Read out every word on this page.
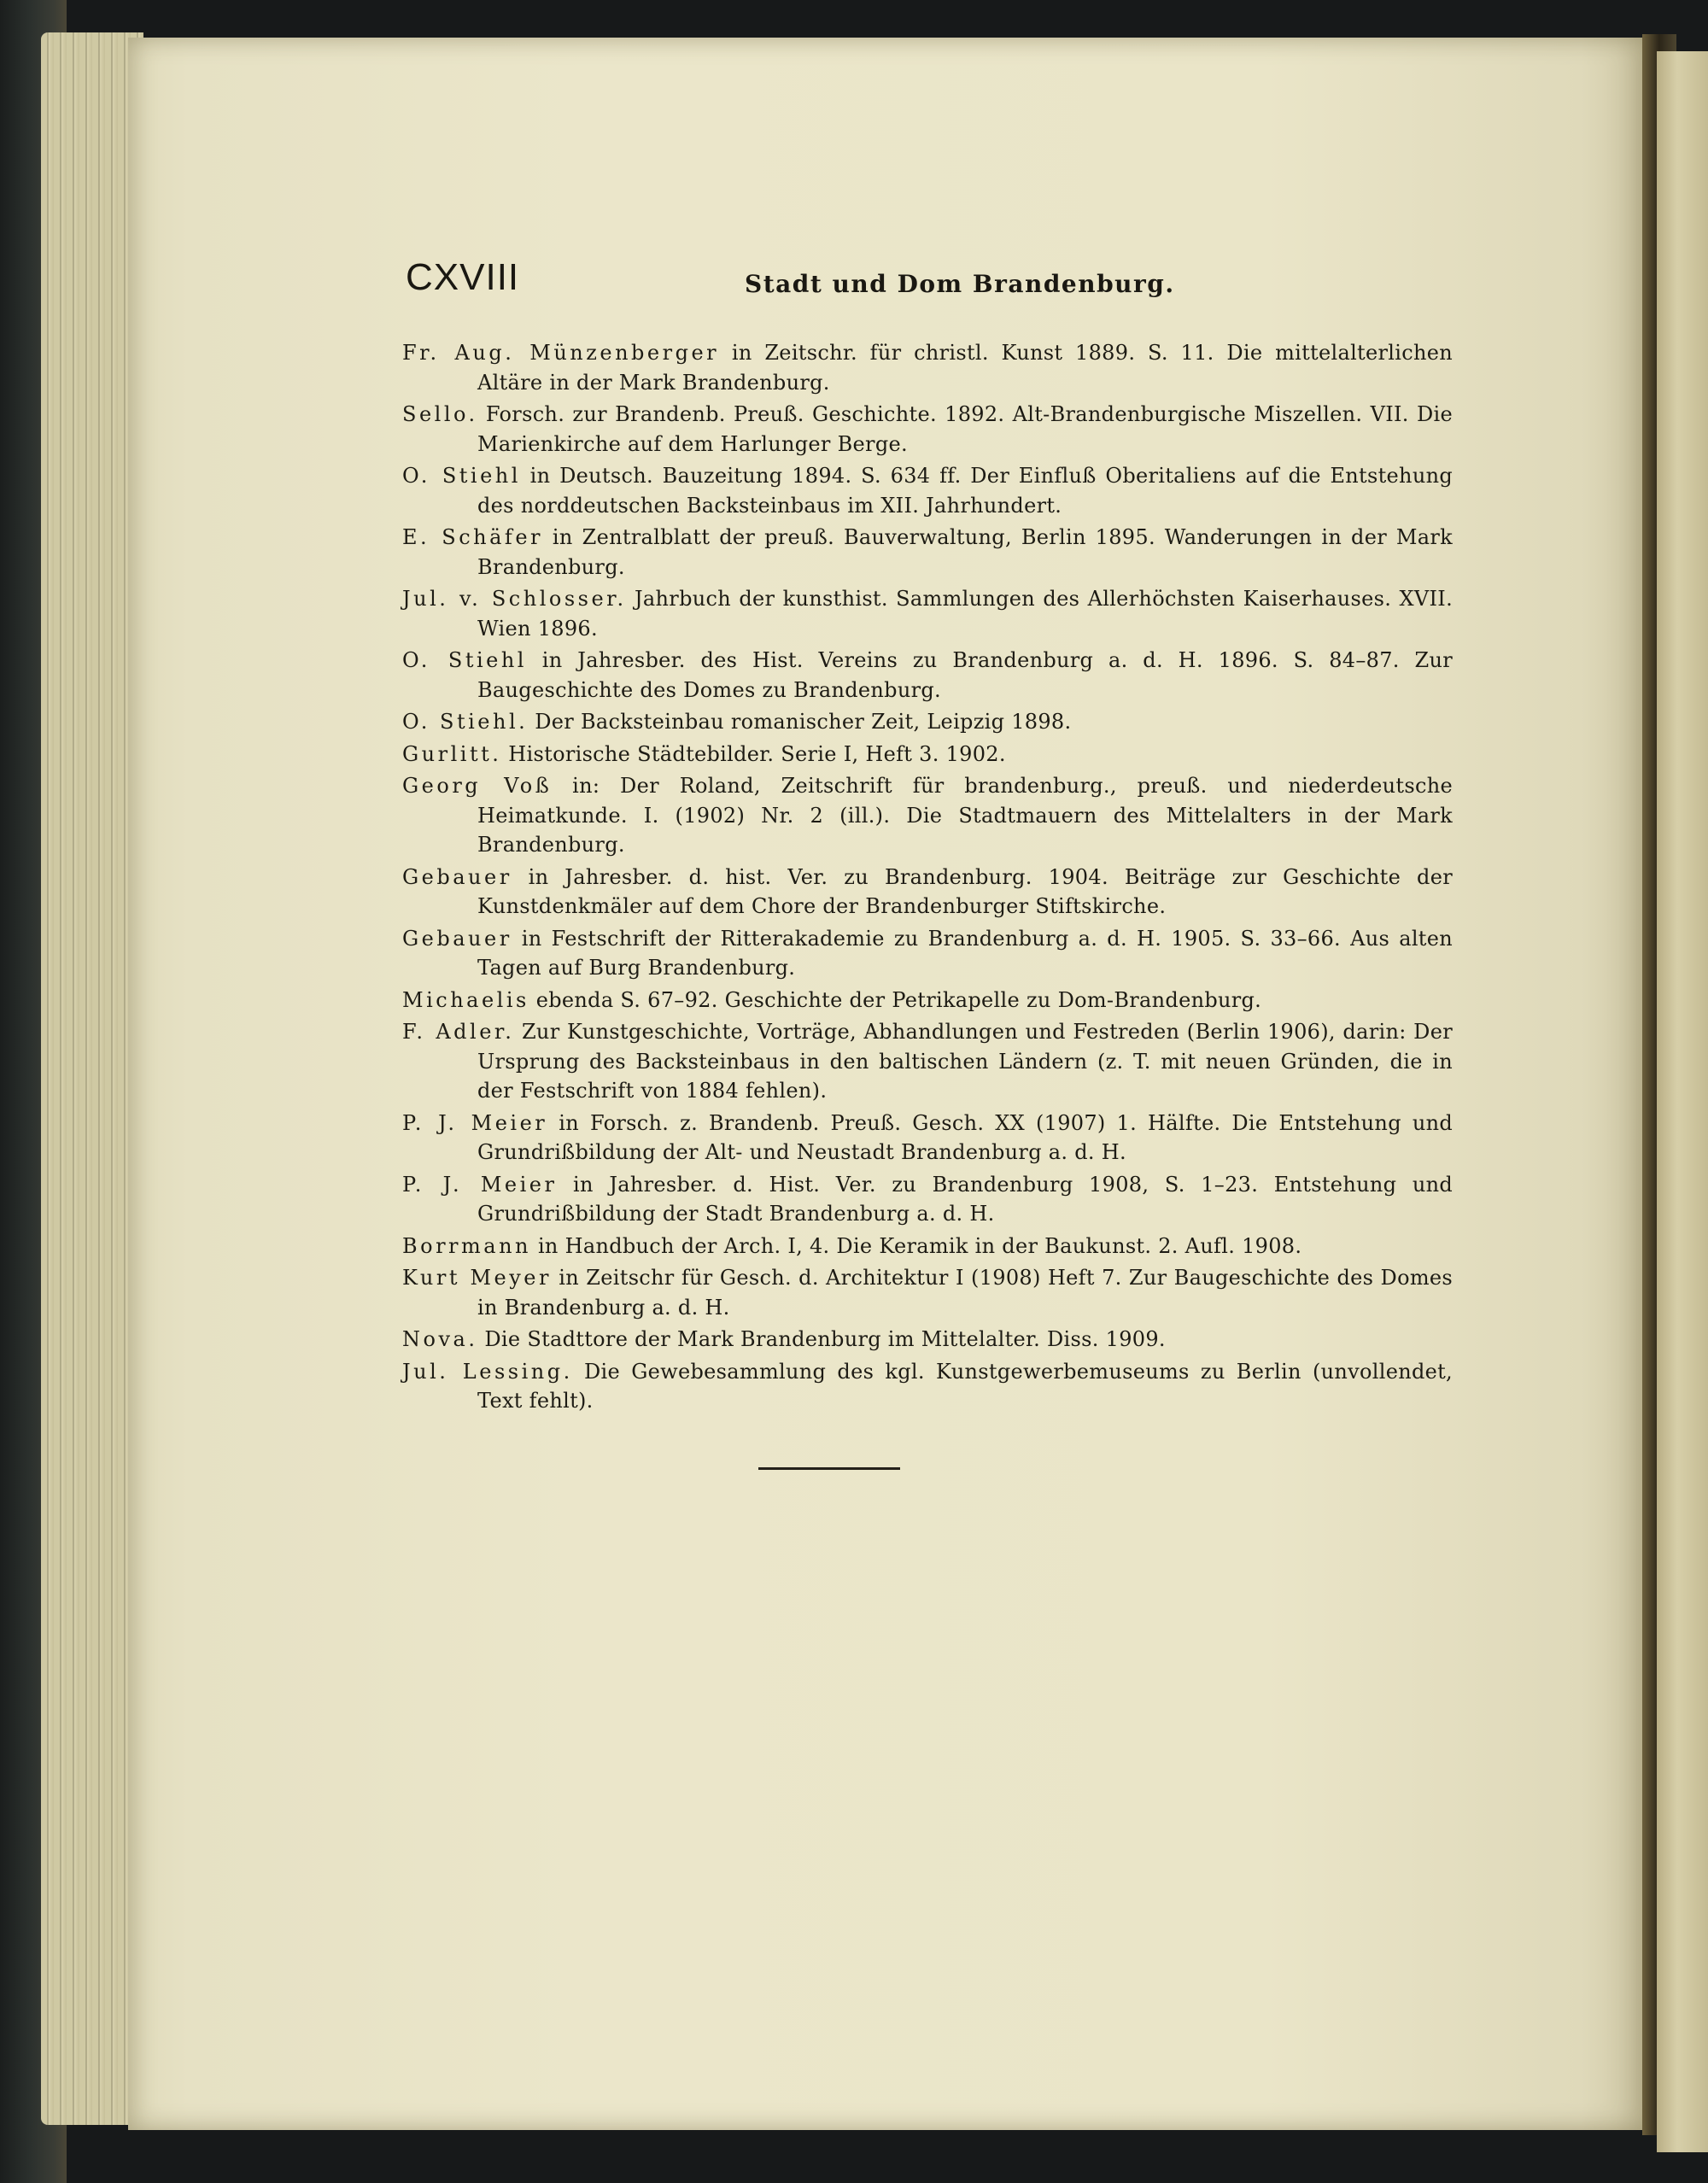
CXVIII	Stadt und Dom Brandenburg.

Fr. Aug. Münzenberger in Zeitschr. für christl. Kunst 1889. S. 11. Die mittelalterlichen Altäre in der Mark Brandenburg.

Sello. Forsch. zur Brandenb. Preuß. Geschichte. 1892. Alt-Brandenburgische Miszellen. VII. Die Marienkirche auf dem Harlunger Berge.

O. Stiehl in Deutsch. Bauzeitung 1894. S. 634 ff. Der Einfluß Oberitaliens auf die Entstehung des norddeutschen Backsteinbaus im XII. Jahrhundert.

E. Schäfer in Zentralblatt der preuß. Bauverwaltung, Berlin 1895. Wanderungen in der Mark Brandenburg.

Jul. v. Schlosser. Jahrbuch der kunsthist. Sammlungen des Allerhöchsten Kaiserhauses. XVII. Wien 1896.

O. Stiehl in Jahresber. des Hist. Vereins zu Brandenburg a. d. H. 1896. S. 84–87. Zur Baugeschichte des Domes zu Brandenburg.

O. Stiehl. Der Backsteinbau romanischer Zeit, Leipzig 1898.

Gurlitt. Historische Städtebilder. Serie I, Heft 3. 1902.

Georg Voß in: Der Roland, Zeitschrift für brandenburg., preuß. und niederdeutsche Heimatkunde. I. (1902) Nr. 2 (ill.). Die Stadtmauern des Mittelalters in der Mark Brandenburg.

Gebauer in Jahresber. d. hist. Ver. zu Brandenburg. 1904. Beiträge zur Geschichte der Kunstdenkmäler auf dem Chore der Brandenburger Stiftskirche.

Gebauer in Festschrift der Ritterakademie zu Brandenburg a. d. H. 1905. S. 33–66. Aus alten Tagen auf Burg Brandenburg.

Michaelis ebenda S. 67–92. Geschichte der Petrikapelle zu Dom-Brandenburg.

F. Adler. Zur Kunstgeschichte, Vorträge, Abhandlungen und Festreden (Berlin 1906), darin: Der Ursprung des Backsteinbaus in den baltischen Ländern (z. T. mit neuen Gründen, die in der Festschrift von 1884 fehlen).

P. J. Meier in Forsch. z. Brandenb. Preuß. Gesch. XX (1907) 1. Hälfte. Die Entstehung und Grundrißbildung der Alt- und Neustadt Brandenburg a. d. H.

P. J. Meier in Jahresber. d. Hist. Ver. zu Brandenburg 1908, S. 1–23. Entstehung und Grundrißbildung der Stadt Brandenburg a. d. H.

Borrmann in Handbuch der Arch. I, 4. Die Keramik in der Baukunst. 2. Aufl. 1908.

Kurt Meyer in Zeitschr für Gesch. d. Architektur I (1908) Heft 7. Zur Baugeschichte des Domes in Brandenburg a. d. H.

Nova. Die Stadttore der Mark Brandenburg im Mittelalter. Diss. 1909.

Jul. Lessing. Die Gewebesammlung des kgl. Kunstgewerbemuseums zu Berlin (unvollendet, Text fehlt).
